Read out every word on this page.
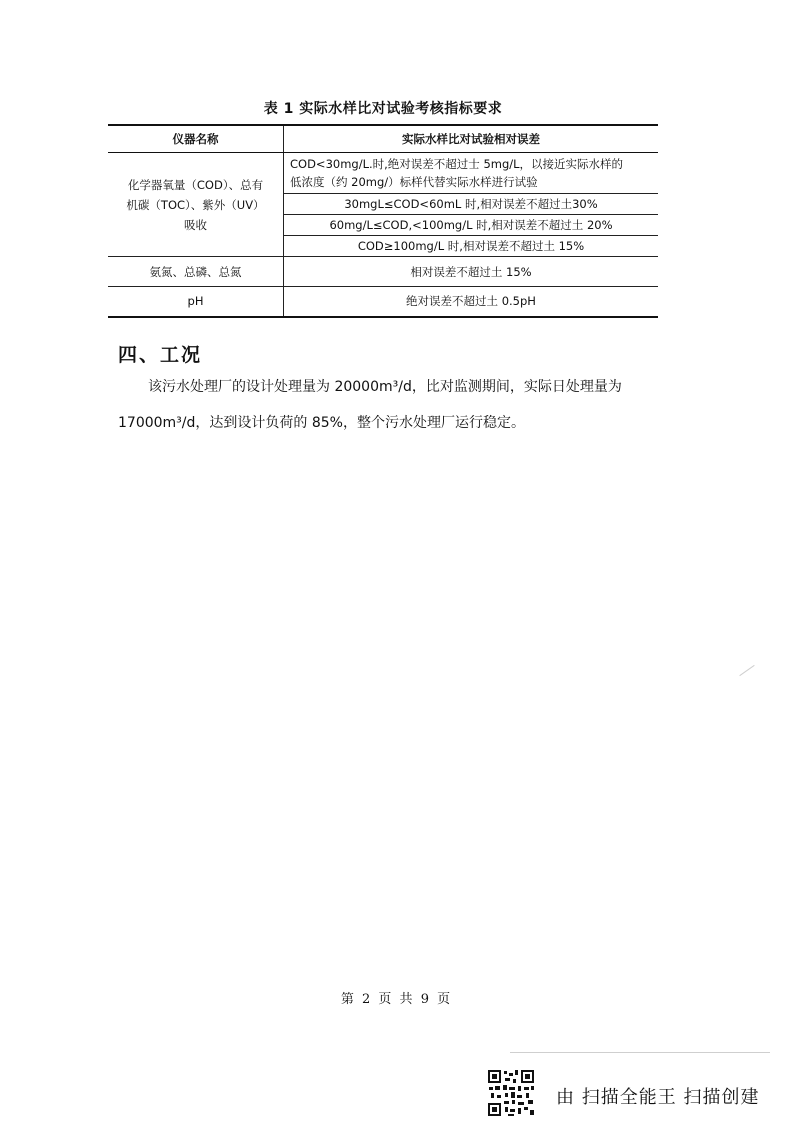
表 1 实际水样比对试验考核指标要求
仪器名称	实际水样比对试验相对误差

化学器氧量（COD）、总有
机碳（TOC）、紫外（UV）
吸收	COD<30mg/L.时,绝对误差不超过士 5mg/L，以接近实际水样的
低浓度（约 20mg/）标样代替实际水样进行试验

	30mgL≤COD<60mL 时,相对误差不超过土30%
	60mg/L≤COD,<100mg/L 时,相对误差不超过土 20%
	COD≥100mg/L 时,相对误差不超过土 15%
氨氮、总磷、总氮	相对误差不超过土 15%
pH	绝对误差不超过土 0.5pH
四、工况
该污水处理厂的设计处理量为 20000m³/d，比对监测期间，实际日处理量为
17000m³/d，达到设计负荷的 85%，整个污水处理厂运行稳定。
第 2 页 共 9 页
由 扫描全能王 扫描创建
